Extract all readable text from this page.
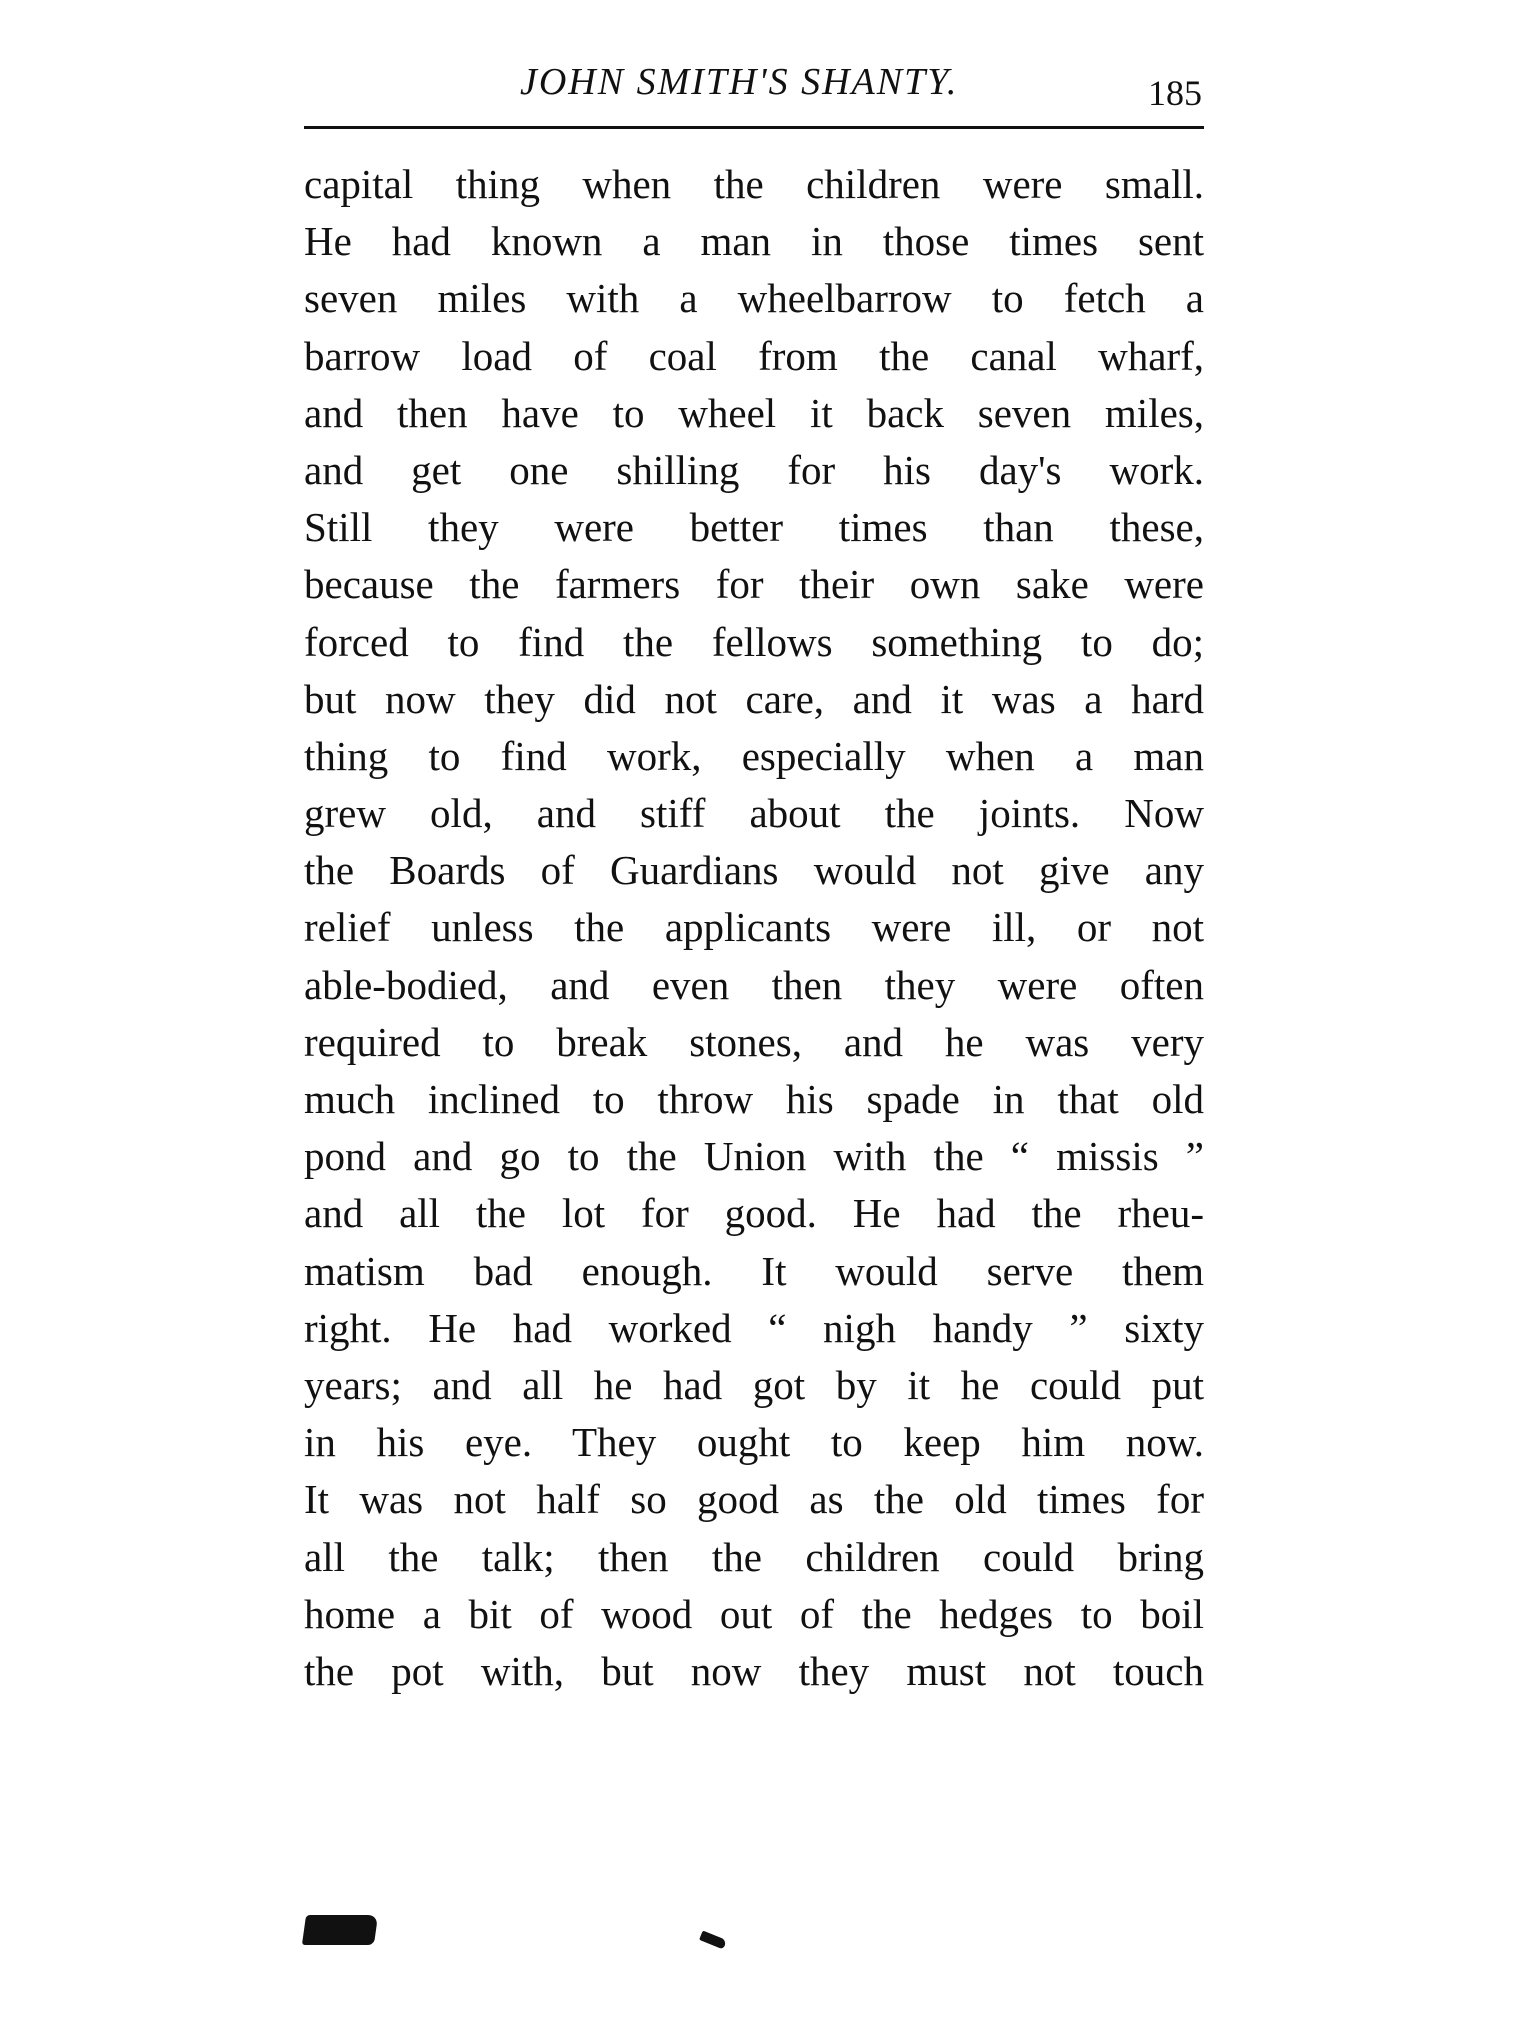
JOHN SMITH'S SHANTY.	185
capital thing when the children were small.
He had known a man in those times sent
seven miles with a wheelbarrow to fetch a
barrow load of coal from the canal wharf,
and then have to wheel it back seven miles,
and get one shilling for his day's work.
Still they were better times than these,
because the farmers for their own sake were
forced to find the fellows something to do;
but now they did not care, and it was a hard
thing to find work, especially when a man
grew old, and stiff about the joints. Now
the Boards of Guardians would not give any
relief unless the applicants were ill, or not
able-bodied, and even then they were often
required to break stones, and he was very
much inclined to throw his spade in that old
pond and go to the Union with the “ missis ”
and all the lot for good. He had the rheu-
matism bad enough. It would serve them
right. He had worked “ nigh handy ” sixty
years; and all he had got by it he could put
in his eye. They ought to keep him now.
It was not half so good as the old times for
all the talk; then the children could bring
home a bit of wood out of the hedges to boil
the pot with, but now they must not touch
